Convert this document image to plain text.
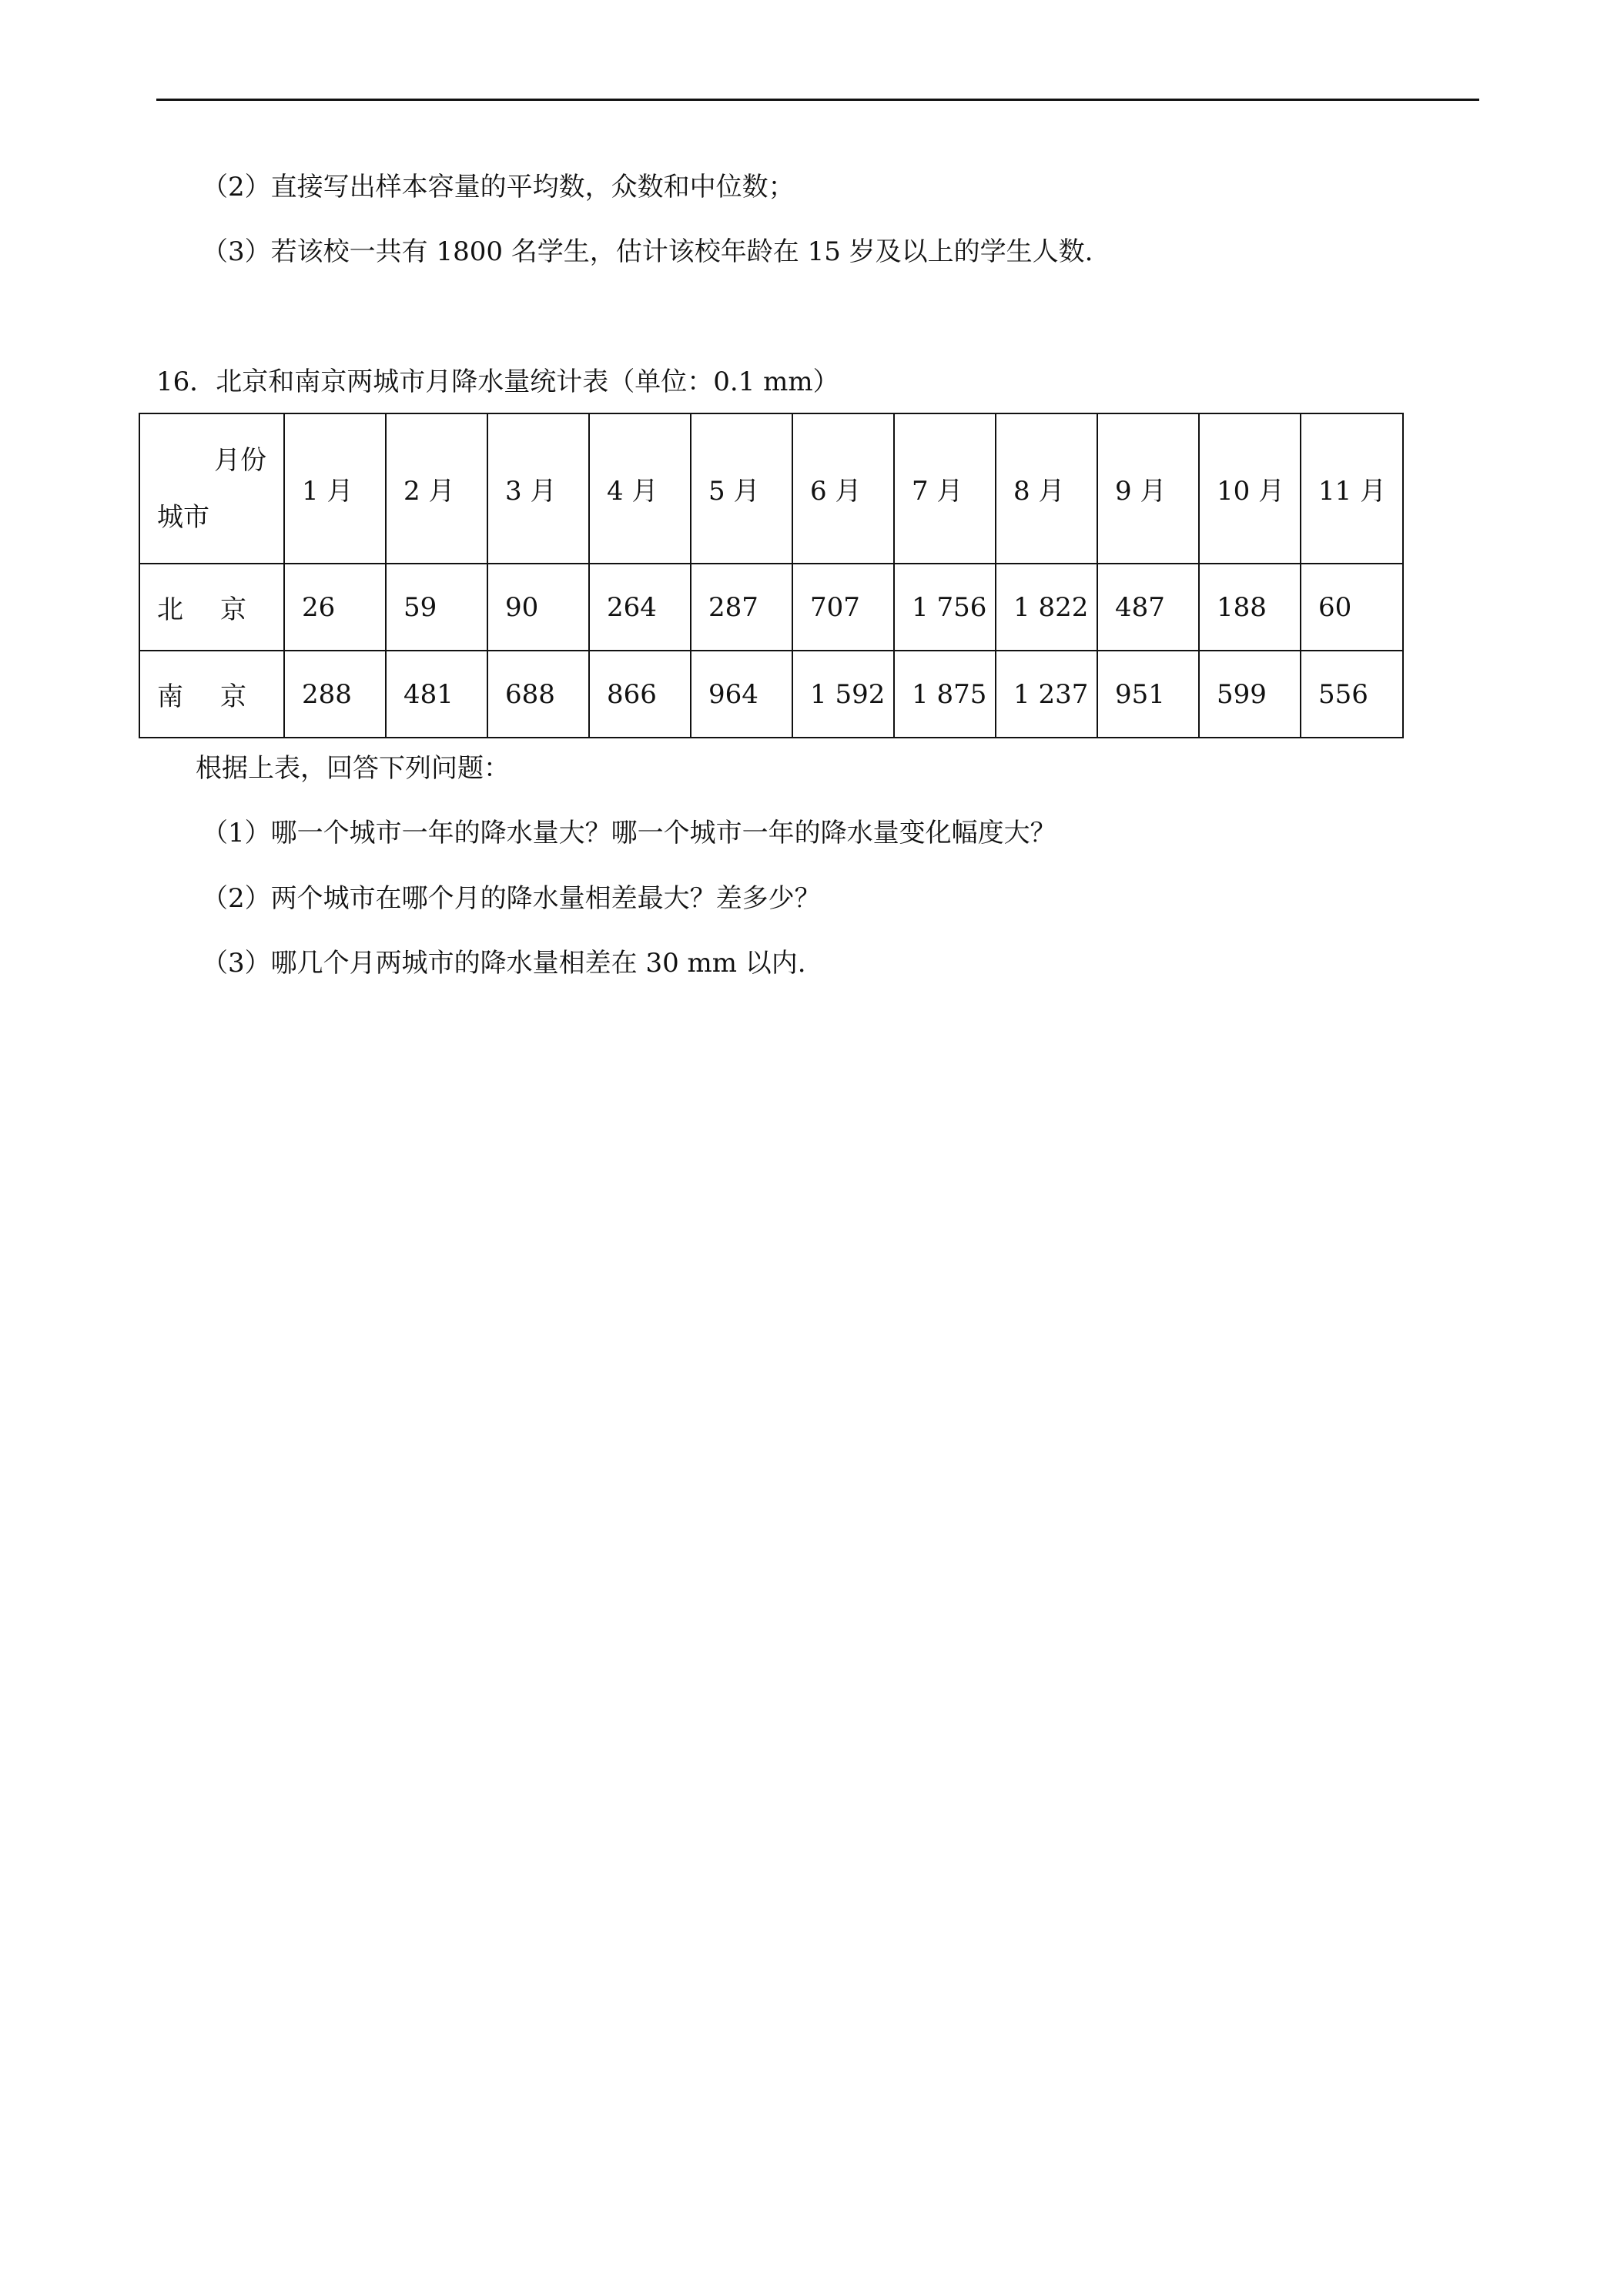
（2）直接写出样本容量的平均数，众数和中位数；
（3）若该校一共有 1800 名学生，估计该校年龄在 15 岁及以上的学生人数.
16．北京和南京两城市月降水量统计表（单位：0.1 mm）
月份
城市	1 月	2 月	3 月	4 月	5 月	6 月	7 月	8 月	9 月	10 月	11 月
北京	26	59	90	264	287	707	1 756	1 822	487	188	60
南京	288	481	688	866	964	1 592	1 875	1 237	951	599	556
根据上表，回答下列问题：
（1）哪一个城市一年的降水量大？哪一个城市一年的降水量变化幅度大？
（2）两个城市在哪个月的降水量相差最大？差多少？
（3）哪几个月两城市的降水量相差在 30 mm 以内.
